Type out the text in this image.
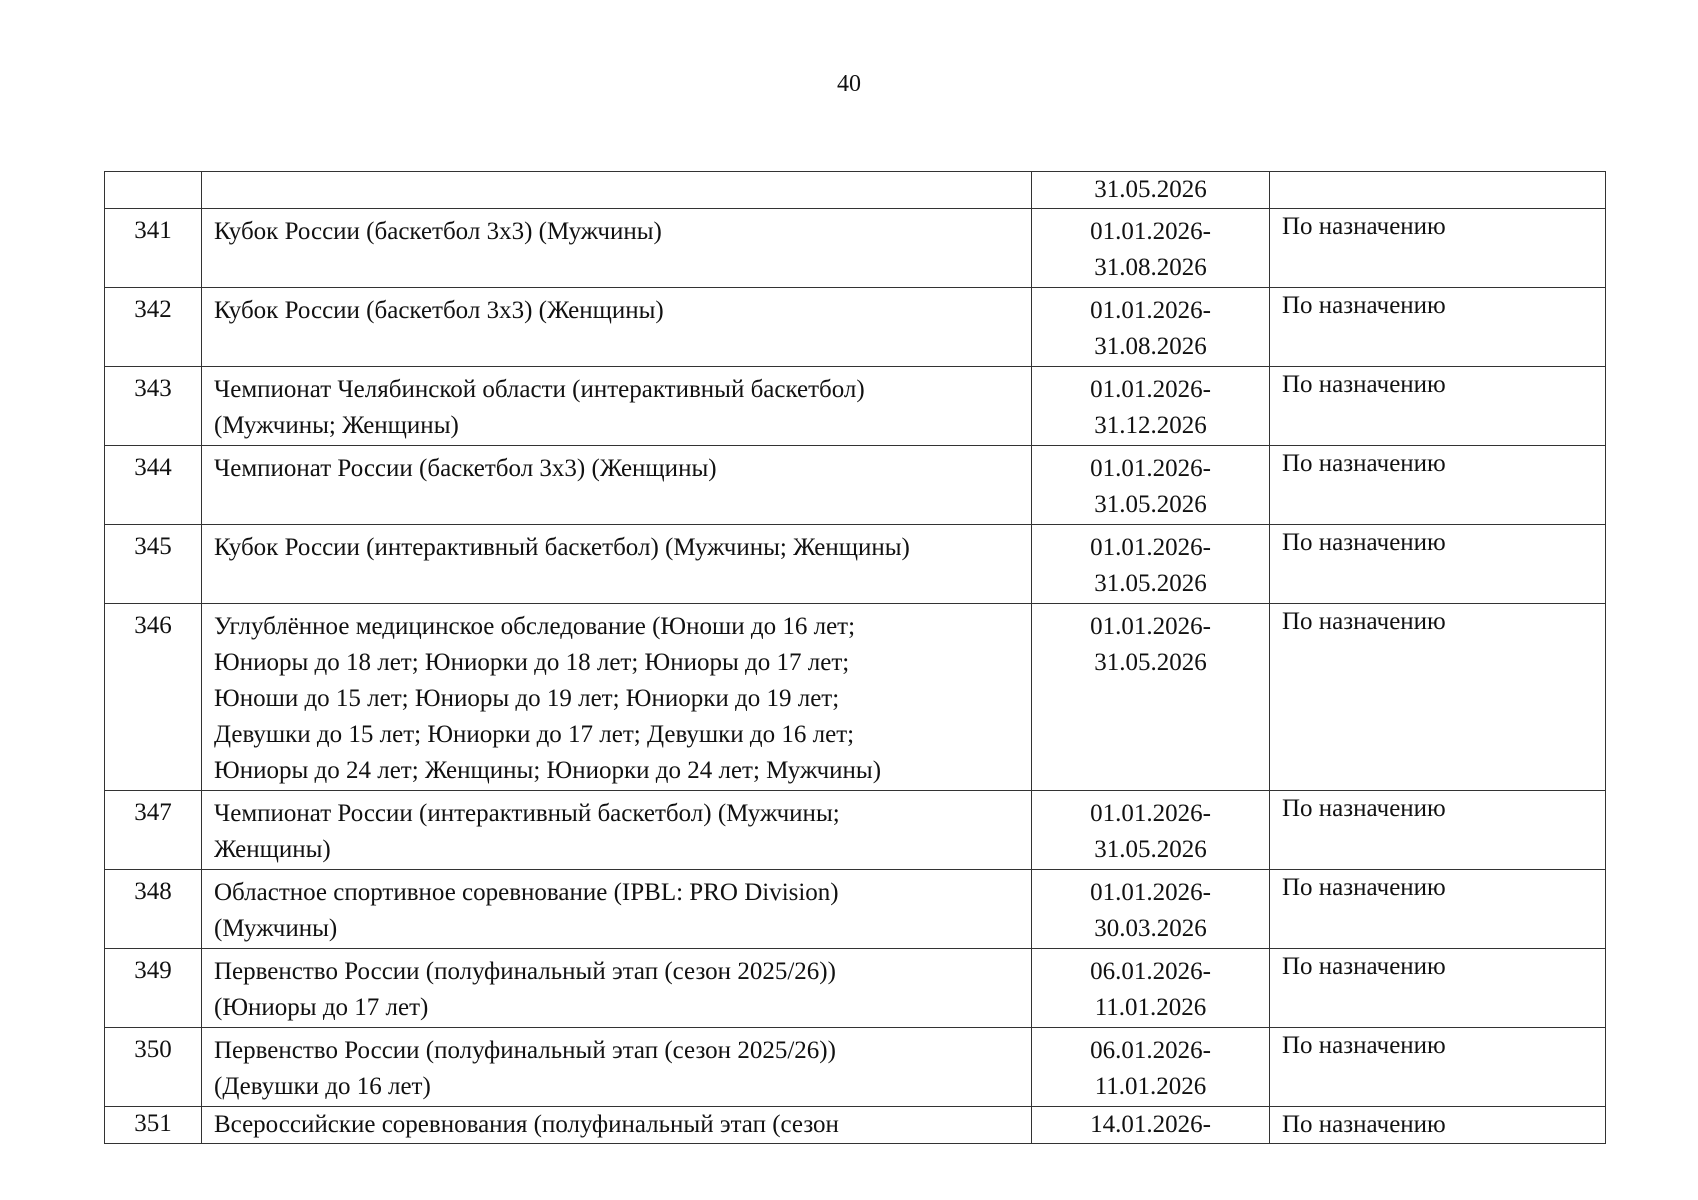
40

		31.05.2026	

341	Кубок России (баскетбол 3х3) (Мужчины)	01.01.2026-
31.08.2026	По назначению
342	Кубок России (баскетбол 3х3) (Женщины)	01.01.2026-
31.08.2026	По назначению
343	Чемпионат Челябинской области (интерактивный баскетбол)
(Мужчины; Женщины)	01.01.2026-
31.12.2026	По назначению
344	Чемпионат России (баскетбол 3х3) (Женщины)	01.01.2026-
31.05.2026	По назначению
345	Кубок России (интерактивный баскетбол) (Мужчины; Женщины)	01.01.2026-
31.05.2026	По назначению
346	Углублённое медицинское обследование (Юноши до 16 лет;
Юниоры до 18 лет; Юниорки до 18 лет; Юниоры до 17 лет;
Юноши до 15 лет; Юниоры до 19 лет; Юниорки до 19 лет;
Девушки до 15 лет; Юниорки до 17 лет; Девушки до 16 лет;
Юниоры до 24 лет; Женщины; Юниорки до 24 лет; Мужчины)	01.01.2026-
31.05.2026	По назначению
347	Чемпионат России (интерактивный баскетбол) (Мужчины;
Женщины)	01.01.2026-
31.05.2026	По назначению
348	Областное спортивное соревнование (IPBL: PRO Division)
(Мужчины)	01.01.2026-
30.03.2026	По назначению
349	Первенство России (полуфинальный этап (сезон 2025/26))
(Юниоры до 17 лет)	06.01.2026-
11.01.2026	По назначению
350	Первенство России (полуфинальный этап (сезон 2025/26))
(Девушки до 16 лет)	06.01.2026-
11.01.2026	По назначению
351	Всероссийские соревнования (полуфинальный этап (сезон	14.01.2026-	По назначению
